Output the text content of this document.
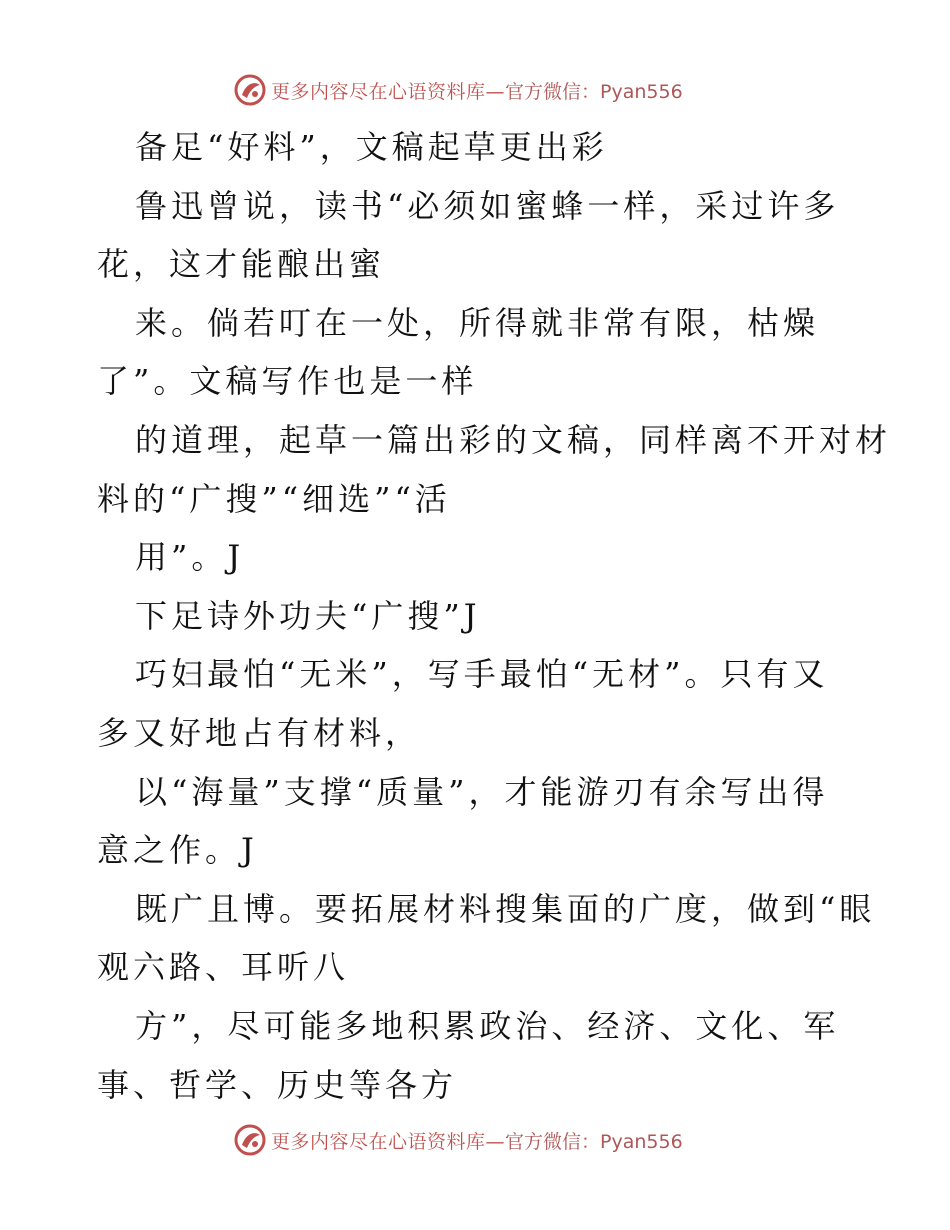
更多内容尽在心语资料库— 官方微信：Pyan556
备足“好料”，文稿起草更出彩
鲁迅曾说，读书“必须如蜜蜂一样，采过许多
花，这才能酿出蜜
来。倘若叮在一处，所得就非常有限，枯燥
了”。文稿写作也是一样
的道理，起草一篇出彩的文稿，同样离不开对材
料的“广搜”“细选”“活
用”。J
下足诗外功夫“广搜”J
巧妇最怕“无米”，写手最怕“无材”。只有又
多又好地占有材料，
以“海量”支撑“质量”，才能游刃有余写出得
意之作。J
既广且博。要拓展材料搜集面的广度，做到“眼
观六路、耳听八
方”，尽可能多地积累政治、经济、文化、军
事、哲学、历史等各方
更多内容尽在心语资料库— 官方微信：Pyan556
